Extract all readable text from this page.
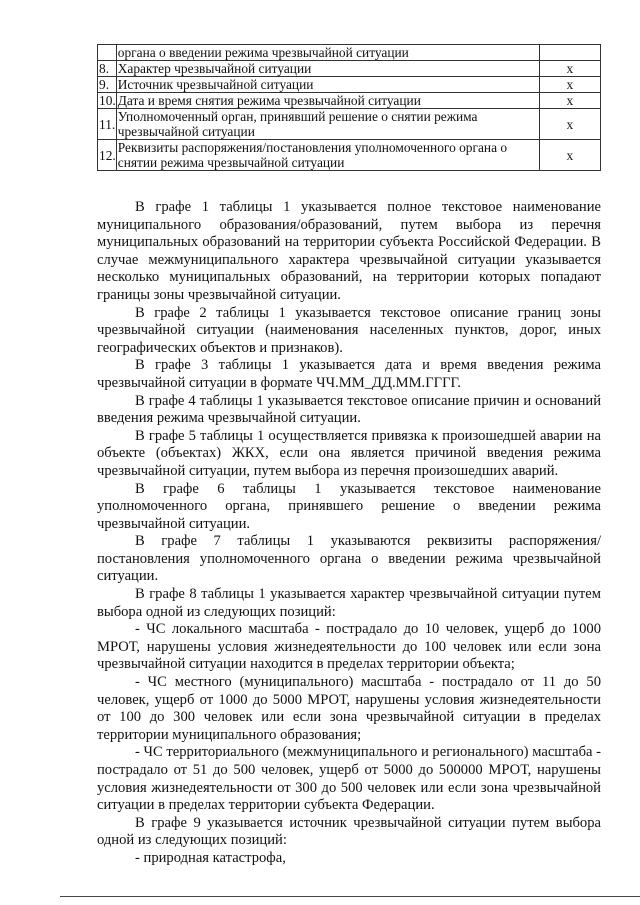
	органа о введении режима чрезвычайной ситуации	
8.	Характер чрезвычайной ситуации	x
9.	Источник чрезвычайной ситуации	x
10.	Дата и время снятия режима чрезвычайной ситуации	x
11.	Уполномоченный орган, принявший решение о снятии режима чрезвычайной ситуации	x
12.	Реквизиты распоряжения/постановления уполномоченного органа о снятии режима чрезвычайной ситуации	x

В графе 1 таблицы 1 указывается полное текстовое наименование муниципального образования/образований, путем выбора из перечня муниципальных образований на территории субъекта Российской Федерации. В случае межмуниципального характера чрезвычайной ситуации указывается несколько муниципальных образований, на территории которых попадают границы зоны чрезвычайной ситуации.

В графе 2 таблицы 1 указывается текстовое описание границ зоны чрезвычайной ситуации (наименования населенных пунктов, дорог, иных географических объектов и признаков).

В графе 3 таблицы 1 указывается дата и время введения режима чрезвычайной ситуации в формате ЧЧ.ММ_ДД.ММ.ГГГГ.

В графе 4 таблицы 1 указывается текстовое описание причин и оснований введения режима чрезвычайной ситуации.

В графе 5 таблицы 1 осуществляется привязка к произошедшей аварии на объекте (объектах) ЖКХ, если она является причиной введения режима чрезвычайной ситуации, путем выбора из перечня произошедших аварий.

В графе 6 таблицы 1 указывается текстовое наименование уполномоченного органа, принявшего решение о введении режима чрезвычайной ситуации.

В графе 7 таблицы 1 указываются реквизиты распоряжения/постановления уполномоченного органа о введении режима чрезвычайной ситуации.

В графе 8 таблицы 1 указывается характер чрезвычайной ситуации путем выбора одной из следующих позиций:

- ЧС локального масштаба - пострадало до 10 человек, ущерб до 1000 МРОТ, нарушены условия жизнедеятельности до 100 человек или если зона чрезвычайной ситуации находится в пределах территории объекта;

- ЧС местного (муниципального) масштаба - пострадало от 11 до 50 человек, ущерб от 1000 до 5000 МРОТ, нарушены условия жизнедеятельности от 100 до 300 человек или если зона чрезвычайной ситуации в пределах территории муниципального образования;

- ЧС территориального (межмуниципального и регионального) масштаба - пострадало от 51 до 500 человек, ущерб от 5000 до 500000 МРОТ, нарушены условия жизнедеятельности от 300 до 500 человек или если зона чрезвычайной ситуации в пределах территории субъекта Федерации.

В графе 9 указывается источник чрезвычайной ситуации путем выбора одной из следующих позиций:

- природная катастрофа,
